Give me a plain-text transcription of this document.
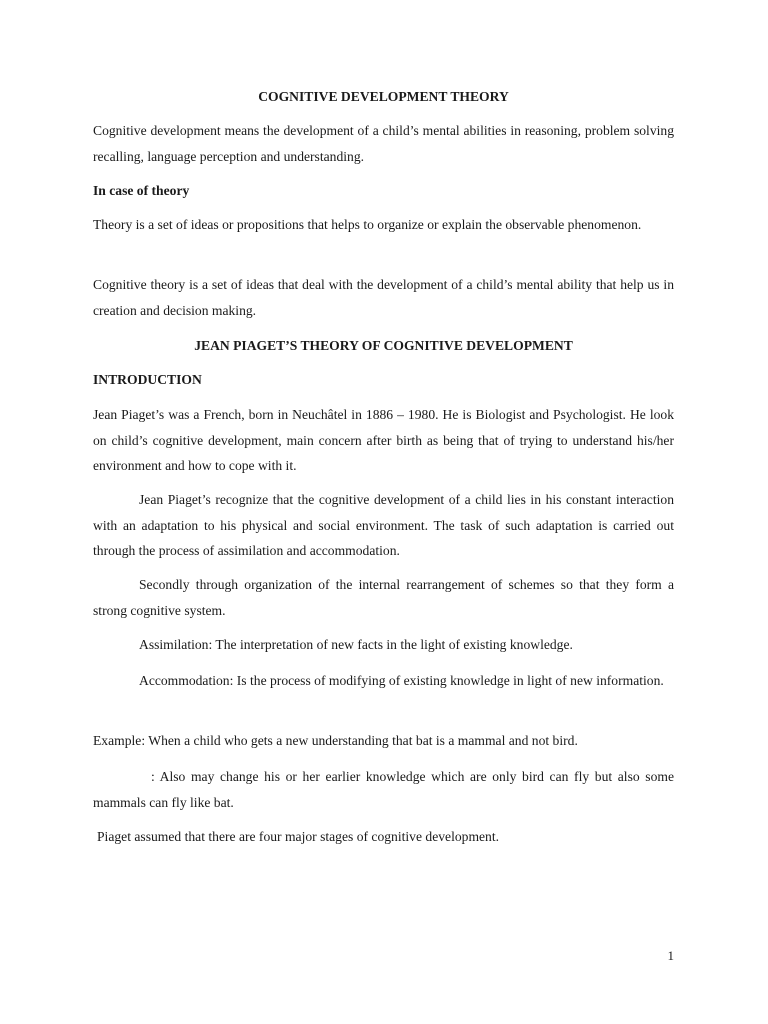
COGNITIVE DEVELOPMENT THEORY

Cognitive development means the development of a child’s mental abilities in reasoning, problem solving recalling, language perception and understanding.

In case of theory

Theory is a set of ideas or propositions that helps to organize or explain the observable phenomenon.

Cognitive theory is a set of ideas that deal with the development of a child’s mental ability that help us in creation and decision making.

JEAN PIAGET’S THEORY OF COGNITIVE DEVELOPMENT

INTRODUCTION

Jean Piaget’s was a French, born in Neuchâtel in 1886 – 1980. He is Biologist and Psychologist. He look on child’s cognitive development, main concern after birth as being that of trying to understand his/her environment and how to cope with it.

Jean Piaget’s recognize that the cognitive development of a child lies in his constant interaction with an adaptation to his physical and social environment. The task of such adaptation is carried out through the process of assimilation and accommodation.

Secondly through organization of the internal rearrangement of schemes so that they form a strong cognitive system.

Assimilation: The interpretation of new facts in the light of existing knowledge.

Accommodation: Is the process of modifying of existing knowledge in light of new information.

Example: When a child who gets a new understanding that bat is a mammal and not bird.

: Also may change his or her earlier knowledge which are only bird can fly but also some mammals can fly like bat.

Piaget assumed that there are four major stages of cognitive development.

1
